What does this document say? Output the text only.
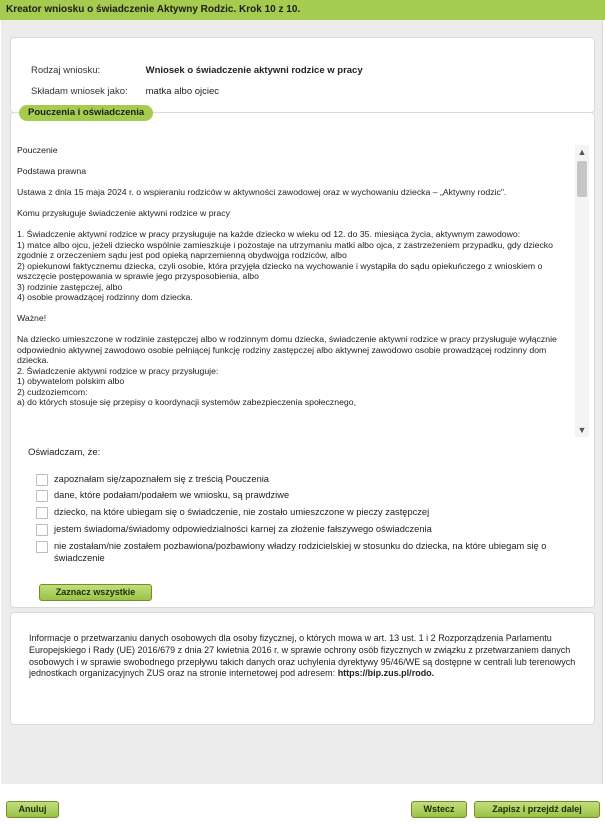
Kreator wniosku o świadczenie Aktywny Rodzic. Krok 10 z 10.
Rodzaj wniosku:	Wniosek o świadczenie aktywni rodzice w pracy
Składam wniosek jako: matka albo ojciec
Pouczenia i oświadczenia

Pouczenie

Podstawa prawna

Ustawa z dnia 15 maja 2024 r. o wspieraniu rodziców w aktywności zawodowej oraz w wychowaniu dziecka – „Aktywny rodzic".

Komu przysługuje świadczenie aktywni rodzice w pracy

1. Świadczenie aktywni rodzice w pracy przysługuje na każde dziecko w wieku od 12. do 35. miesiąca życia, aktywnym zawodowo:
1) matce albo ojcu, jeżeli dziecko wspólnie zamieszkuje i pozostaje na utrzymaniu matki albo ojca, z zastrzeżeniem przypadku, gdy dziecko zgodnie z orzeczeniem sądu jest pod opieką naprzemienną obydwojga rodziców, albo
2) opiekunowi faktycznemu dziecka, czyli osobie, która przyjęła dziecko na wychowanie i wystąpiła do sądu opiekuńczego z wnioskiem o wszczęcie postępowania w sprawie jego przysposobienia, albo
3) rodzinie zastępczej, albo
4) osobie prowadzącej rodzinny dom dziecka.

Ważne!

Na dziecko umieszczone w rodzinie zastępczej albo w rodzinnym domu dziecka, świadczenie aktywni rodzice w pracy przysługuje wyłącznie odpowiednio aktywnej zawodowo osobie pełniącej funkcję rodziny zastępczej albo aktywnej zawodowo osobie prowadzącej rodzinny dom dziecka.
2. Świadczenie aktywni rodzice w pracy przysługuje:
1) obywatelom polskim albo
2) cudzoziemcom:
a) do których stosuje się przepisy o koordynacji systemów zabezpieczenia społecznego,

▲
▼
Oświadczam, że:
zapoznałam się/zapoznałem się z treścią Pouczenia
dane, które podałam/podałem we wniosku, są prawdziwe
dziecko, na które ubiegam się o świadczenie, nie zostało umieszczone w pieczy zastępczej
jestem świadoma/świadomy odpowiedzialności karnej za złożenie fałszywego oświadczenia
nie zostałam/nie zostałem pozbawiona/pozbawiony władzy rodzicielskiej w stosunku do dziecka, na które ubiegam się o świadczenie
Zaznacz wszystkie
Informacje o przetwarzaniu danych osobowych dla osoby fizycznej, o których mowa w art. 13 ust. 1 i 2 Rozporządzenia Parlamentu Europejskiego i Rady (UE) 2016/679 z dnia 27 kwietnia 2016 r. w sprawie ochrony osób fizycznych w związku z przetwarzaniem danych osobowych i w sprawie swobodnego przepływu takich danych oraz uchylenia dyrektywy 95/46/WE są dostępne w centrali lub terenowych jednostkach organizacyjnych ZUS oraz na stronie internetowej pod adresem: https://bip.zus.pl/rodo.
Anuluj	Wstecz	Zapisz i przejdź dalej
